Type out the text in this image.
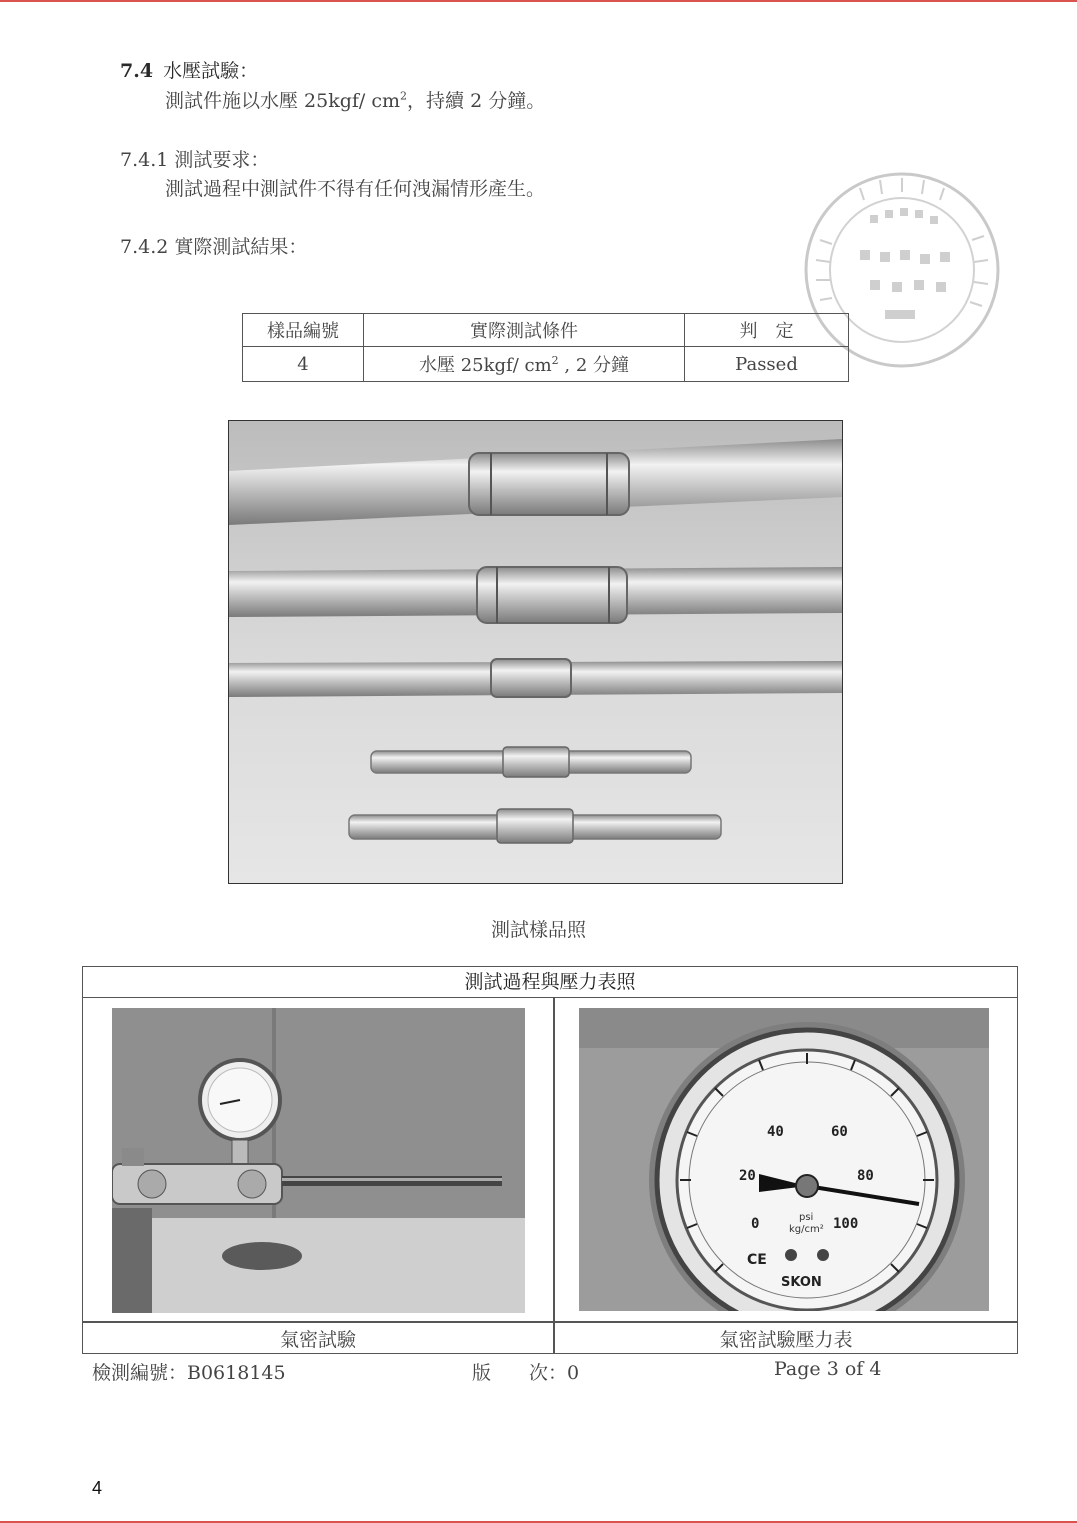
7.4 水壓試驗：
測試件施以水壓 25kgf/ $cm^2$，持續 2 分鐘。
7.4.1 測試要求：
測試過程中測試件不得有任何洩漏情形產生。
7.4.2 實際測試結果：
樣品編號	實際測試條件	判　定
4	水壓 25kgf/ $cm^2$ , 2 分鐘	Passed
測試樣品照
測試過程與壓力表照
氣密試驗	氣密試驗壓力表
0
20
40	60
80
100
psi
kg/cm²
CE
SKON
檢測編號：B0618145	版　　次：0	Page 3 of 4
4
